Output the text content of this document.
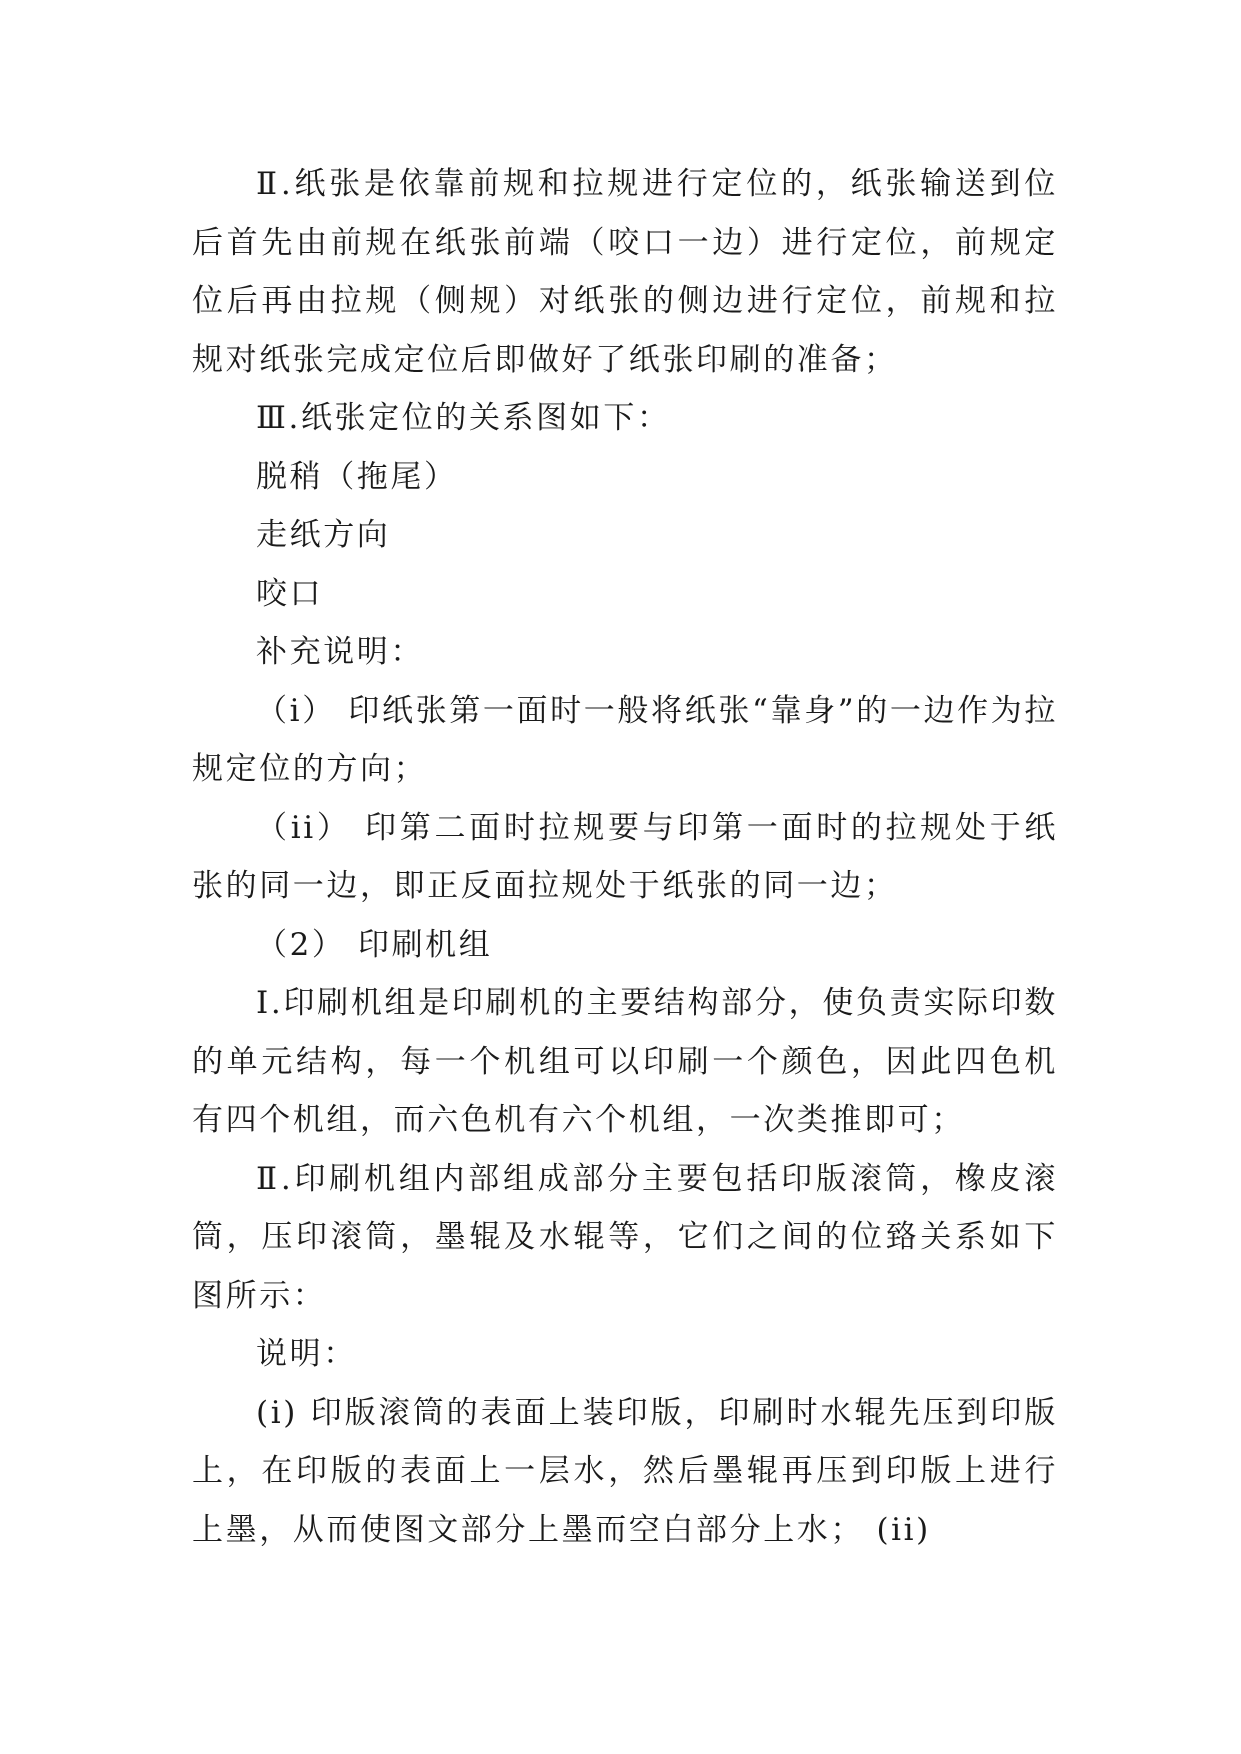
Ⅱ.纸张是依靠前规和拉规进行定位的，纸张输送到位后首先由前规在纸张前端（咬口一边）进行定位，前规定位后再由拉规（侧规）对纸张的侧边进行定位，前规和拉规对纸张完成定位后即做好了纸张印刷的准备；

Ⅲ.纸张定位的关系图如下：

脱稍（拖尾）

走纸方向

咬口

补充说明：

（i） 印纸张第一面时一般将纸张“靠身”的一边作为拉规定位的方向；

（ii） 印第二面时拉规要与印第一面时的拉规处于纸张的同一边，即正反面拉规处于纸张的同一边；

（2） 印刷机组

Ⅰ.印刷机组是印刷机的主要结构部分，使负责实际印数的单元结构，每一个机组可以印刷一个颜色，因此四色机有四个机组，而六色机有六个机组，一次类推即可；

Ⅱ.印刷机组内部组成部分主要包括印版滚筒，橡皮滚筒，压印滚筒，墨辊及水辊等，它们之间的位臵关系如下图所示：

说明：

(i) 印版滚筒的表面上装印版，印刷时水辊先压到印版上，在印版的表面上一层水，然后墨辊再压到印版上进行上墨，从而使图文部分上墨而空白部分上水； (ii)
